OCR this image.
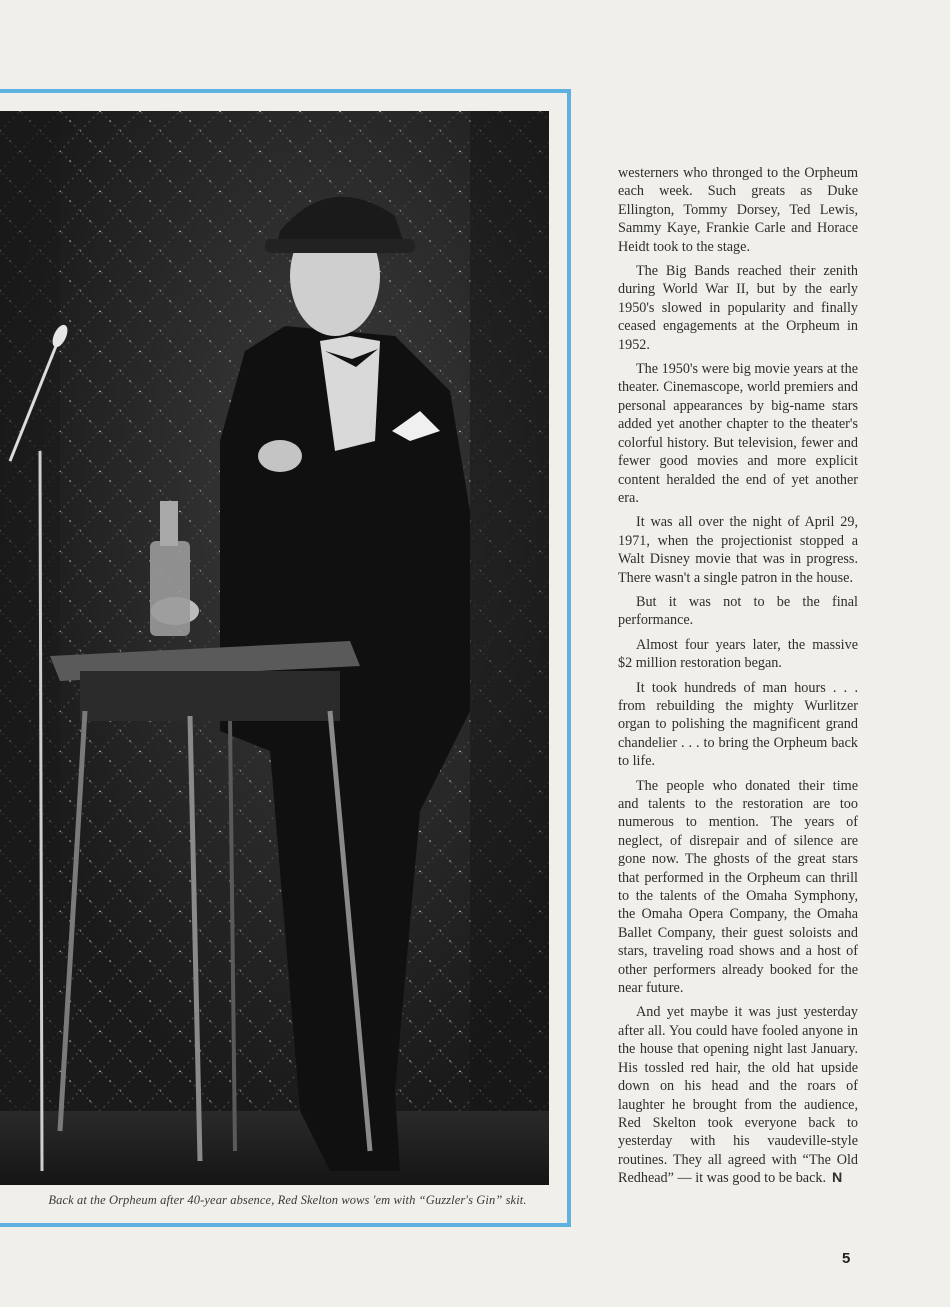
Back at the Orpheum after 40-year absence, Red Skelton wows 'em with “Guzzler's Gin” skit.

westerners who thronged to the Orpheum each week. Such greats as Duke Ellington, Tommy Dorsey, Ted Lewis, Sammy Kaye, Frankie Carle and Horace Heidt took to the stage.

The Big Bands reached their zenith during World War II, but by the early 1950's slowed in popularity and finally ceased engagements at the Orpheum in 1952.

The 1950's were big movie years at the theater. Cinemascope, world premiers and personal appearances by big-name stars added yet another chapter to the theater's colorful history. But television, fewer and fewer good movies and more explicit content heralded the end of yet another era.

It was all over the night of April 29, 1971, when the projectionist stopped a Walt Disney movie that was in progress. There wasn't a single patron in the house.

But it was not to be the final performance.

Almost four years later, the massive $2 million restoration began.

It took hundreds of man hours . . . from rebuilding the mighty Wurlitzer organ to polishing the magnificent grand chandelier . . . to bring the Orpheum back to life.

The people who donated their time and talents to the restoration are too numerous to mention. The years of neglect, of disrepair and of silence are gone now. The ghosts of the great stars that performed in the Orpheum can thrill to the talents of the Omaha Symphony, the Omaha Opera Company, the Omaha Ballet Company, their guest soloists and stars, traveling road shows and a host of other performers already booked for the near future.

And yet maybe it was just yesterday after all. You could have fooled anyone in the house that opening night last January. His tossled red hair, the old hat upside down on his head and the roars of laughter he brought from the audience, Red Skelton took everyone back to yesterday with his vaudeville-style routines. They all agreed with “The Old Redhead” — it was good to be back. N

5
